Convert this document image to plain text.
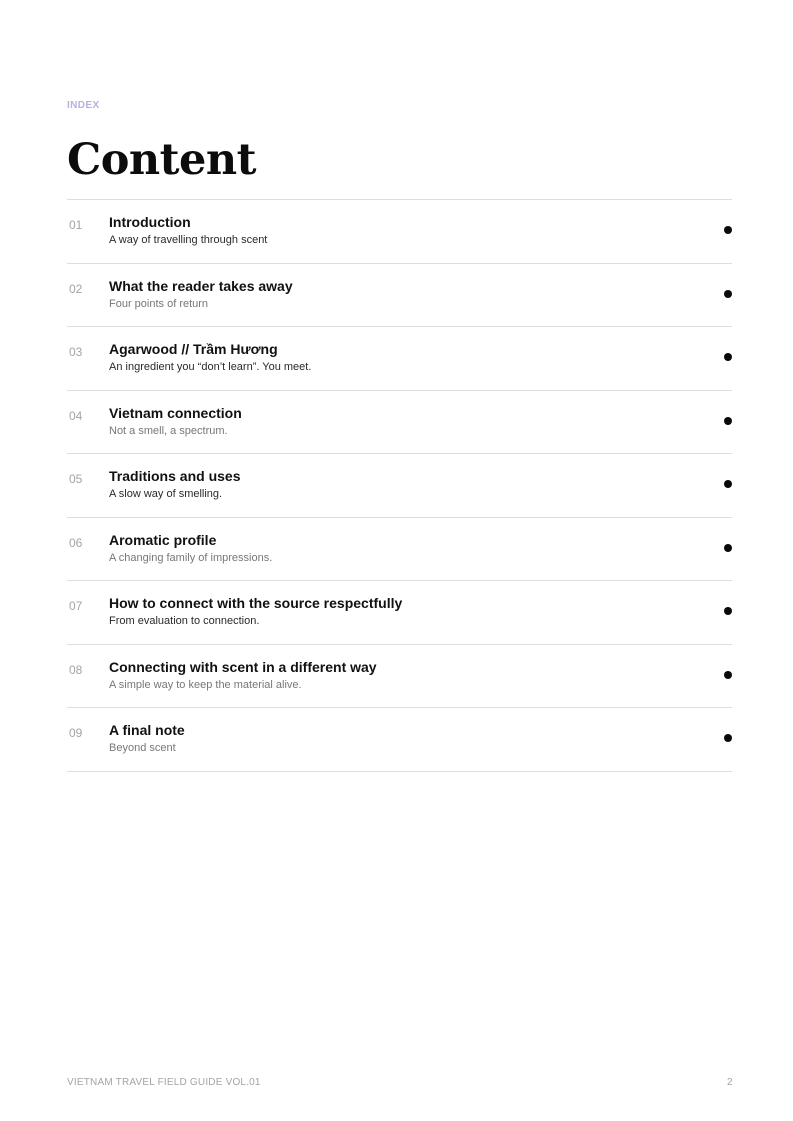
INDEX
Content
01 Introduction
A way of travelling through scent
02 What the reader takes away
Four points of return
03 Agarwood // Trầm Hương
An ingredient you “don’t learn”. You meet.
04 Vietnam connection
Not a smell, a spectrum.
05 Traditions and uses
A slow way of smelling.
06 Aromatic profile
A changing family of impressions.
07 How to connect with the source respectfully
From evaluation to connection.
08 Connecting with scent in a different way
A simple way to keep the material alive.
09 A final note
Beyond scent
VIETNAM TRAVEL FIELD GUIDE VOL.01	2
